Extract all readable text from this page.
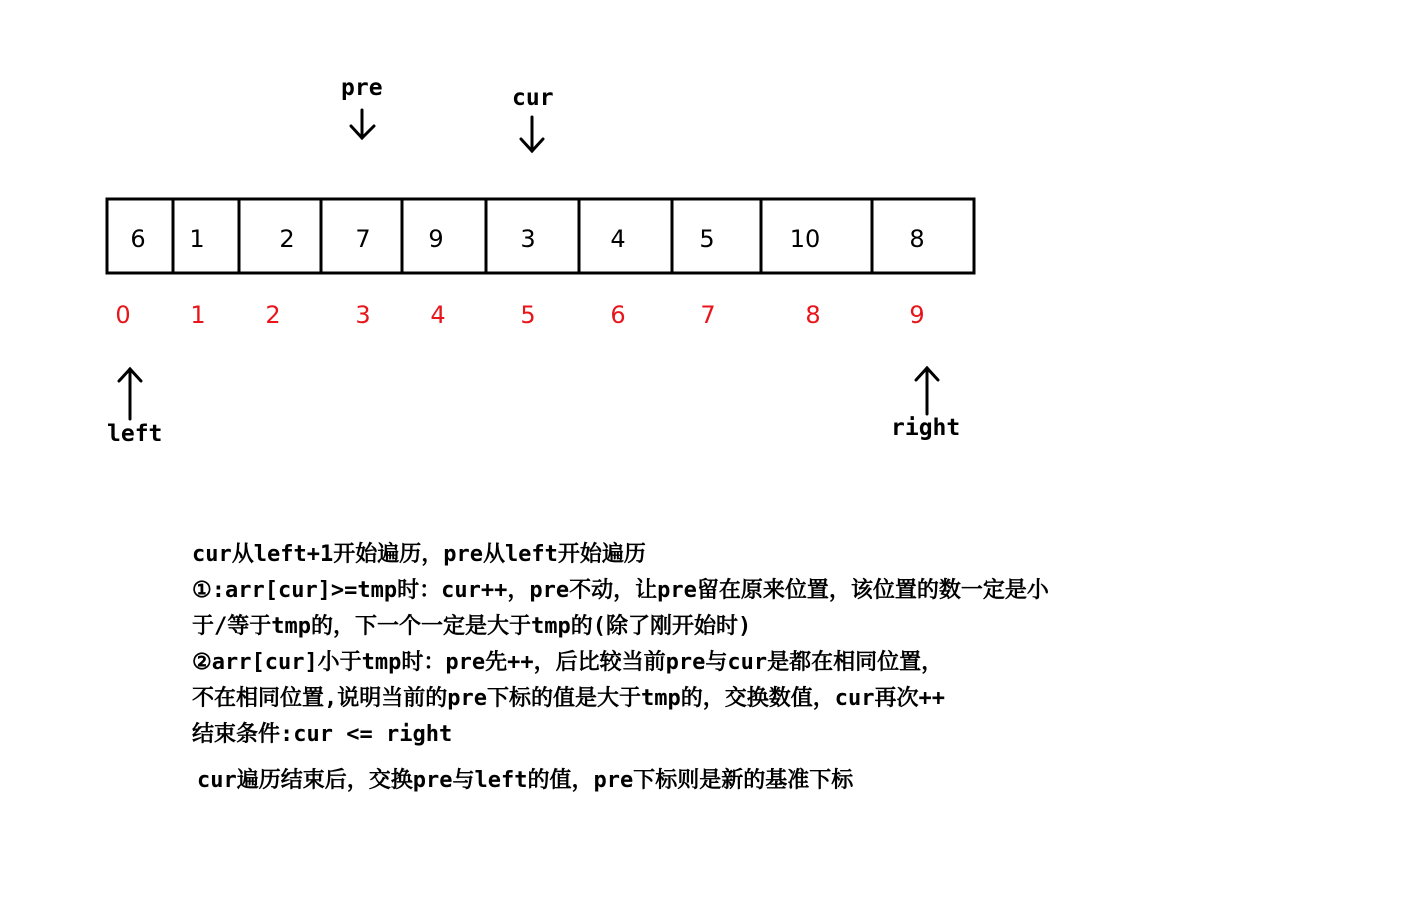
6 1	2	7 9	3	4	5	10	8
0 1 2	3 4	5	6	7	8	9
pre	cur
left	right
cur从left+1开始遍历，pre从left开始遍历
①:arr[cur]>=tmp时：cur++，pre不动，让pre留在原来位置，该位置的数一定是小
于/等于tmp的，下一个一定是大于tmp的(除了刚开始时)
②arr[cur]小于tmp时：pre先++，后比较当前pre与cur是都在相同位置，
不在相同位置,说明当前的pre下标的值是大于tmp的，交换数值，cur再次++
结束条件:cur <= right
cur遍历结束后，交换pre与left的值，pre下标则是新的基准下标
